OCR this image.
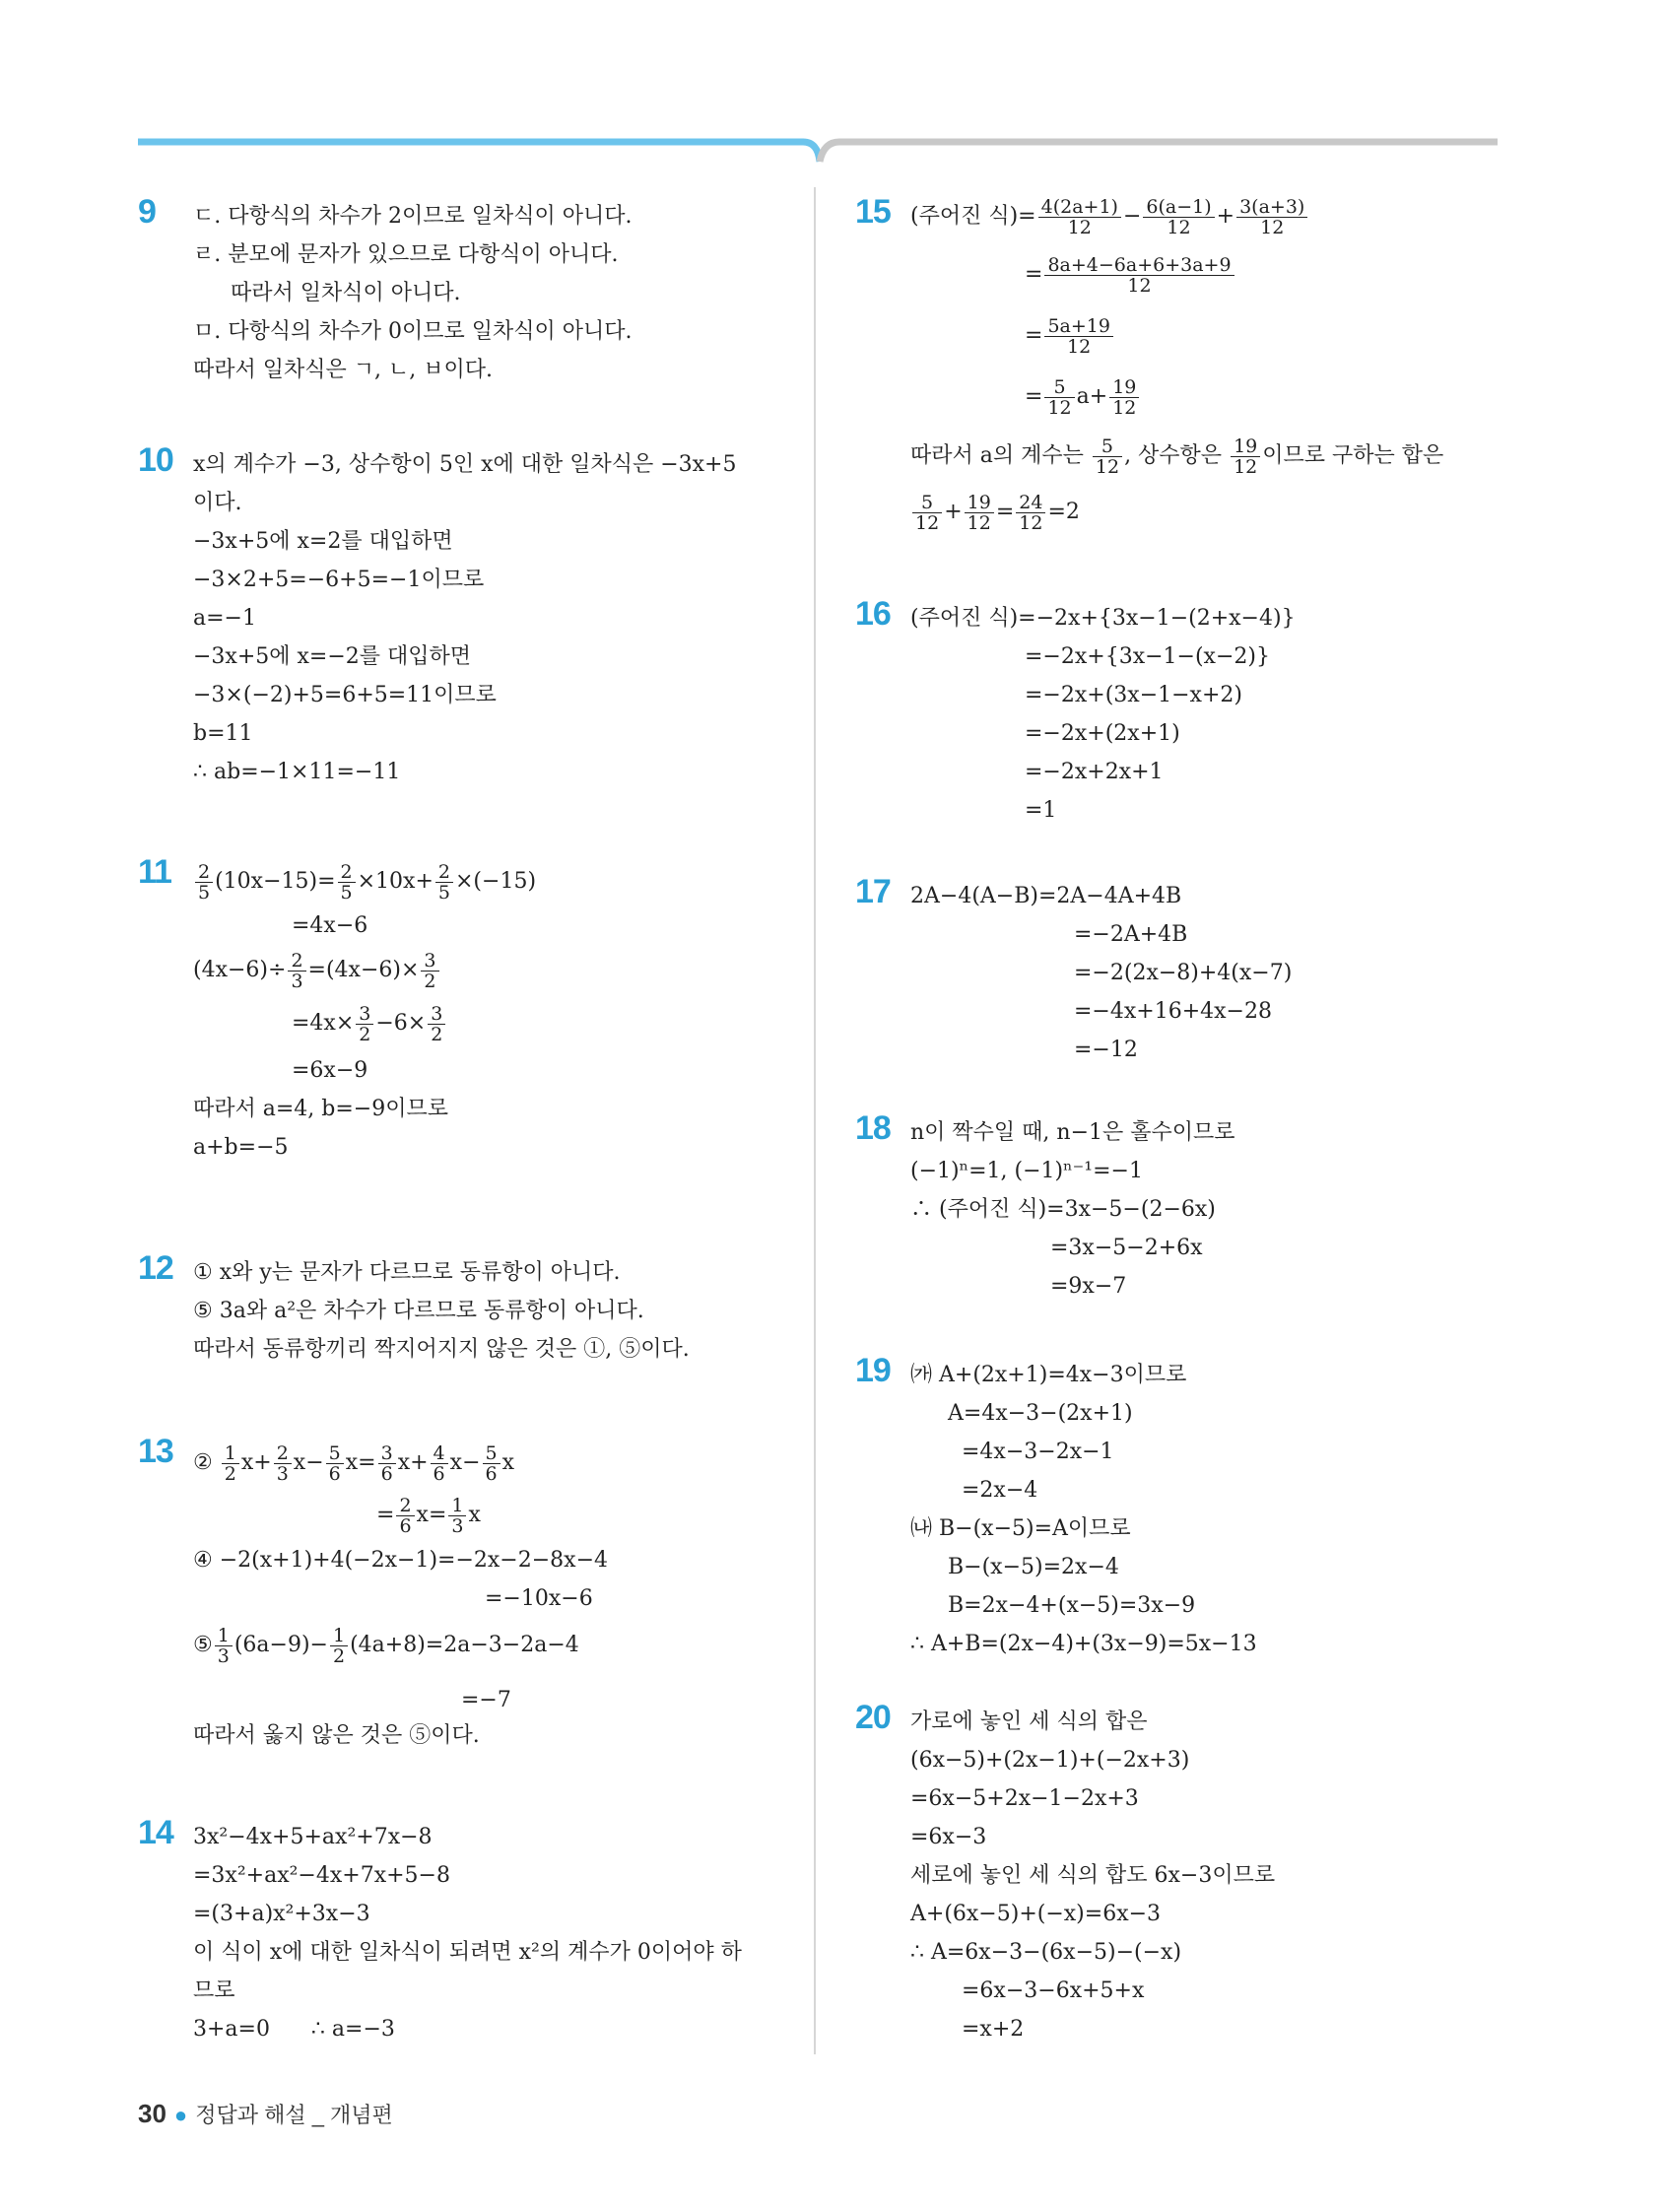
9 ㄷ. 다항식의 차수가 2이므로 일차식이 아니다.
ㄹ. 분모에 문자가 있으므로 다항식이 아니다.
따라서 일차식이 아니다.
ㅁ. 다항식의 차수가 0이므로 일차식이 아니다.
따라서 일차식은 ㄱ, ㄴ, ㅂ이다.
10 x의 계수가 −3, 상수항이 5인 x에 대한 일차식은 −3x+5
이다.
−3x+5에 x=2를 대입하면
−3×2+5=−6+5=−1이므로
a=−1
−3x+5에 x=−2를 대입하면
−3×(−2)+5=6+5=11이므로
b=11
∴ ab=−1×11=−11
$11 \frac{2}{5} (10x-15)= \frac{2}{5} \times 10x+ \frac{2}{5} \times(-15)$
=4x−6
$(4x-6)\div \frac{2}{3} =(4x-6)\times \frac{3}{2}$
$=4x\times \frac{3}{2} -6\times \frac{3}{2}$
=6x−9
따라서 a=4, b=−9이므로
a+b=−5
12 ① x와 y는 문자가 다르므로 동류항이 아니다.
⑤ 3a와 a²은 차수가 다르므로 동류항이 아니다.
따라서 동류항끼리 짝지어지지 않은 것은 ①, ⑤이다.
13 ② $\frac{1}{2} x+ \frac{2}{3} x- \frac{5}{6} x= \frac{3}{6} x+ \frac{4}{6} x- \frac{5}{6}$ x
= $\frac{2}{6} x= \frac{1}{3}$ x
④ −2(x+1)+4(−2x−1)=−2x−2−8x−4
=−10x−6
⑤ $\frac{1}{3} (6a-9)- \frac{1}{2} (4a+8)=2a-3-2a-4$
=−7
따라서 옳지 않은 것은 ⑤이다.
14 3x²−4x+5+ax²+7x−8
=3x²+ax²−4x+7x+5−8
=(3+a)x²+3x−3
이 식이 x에 대한 일차식이 되려면 x²의 계수가 0이어야 하
므로
3+a=0      ∴ a=−3
15 (주어진 식)= $\frac{4(2a+1)}{12} - \frac{6(a-1)}{12} + \frac{3(a+3)}{12}$
= $\frac{8a+4-6a+6+3a+9}{12}$
= $\frac{5a+19}{12}$
= $\frac{5}{12} a+ \frac{19}{12}$
따라서 a의 계수는 $\frac{5}{12}$ , 상수항은 $\frac{19}{12}$ 이므로 구하는 합은
$\frac{5}{12} + \frac{19}{12} = \frac{24}{12} =2$
16 (주어진 식)=−2x+{3x−1−(2+x−4)}
=−2x+{3x−1−(x−2)}
=−2x+(3x−1−x+2)
=−2x+(2x+1)
=−2x+2x+1
=1
17 2A−4(A−B)=2A−4A+4B
=−2A+4B
=−2(2x−8)+4(x−7)
=−4x+16+4x−28
=−12
18 n이 짝수일 때, n−1은 홀수이므로
(−1)ⁿ=1, (−1)ⁿ⁻¹=−1
∴ (주어진 식)=3x−5−(2−6x)
=3x−5−2+6x
=9x−7
19 ㈎ A+(2x+1)=4x−3이므로
A=4x−3−(2x+1)
=4x−3−2x−1
=2x−4
㈏ B−(x−5)=A이므로
B−(x−5)=2x−4
B=2x−4+(x−5)=3x−9
∴ A+B=(2x−4)+(3x−9)=5x−13
20 가로에 놓인 세 식의 합은
(6x−5)+(2x−1)+(−2x+3)
=6x−5+2x−1−2x+3
=6x−3
세로에 놓인 세 식의 합도 6x−3이므로
A+(6x−5)+(−x)=6x−3
∴ A=6x−3−(6x−5)−(−x)
=6x−3−6x+5+x
=x+2
30 ● 정답과 해설 _ 개념편
